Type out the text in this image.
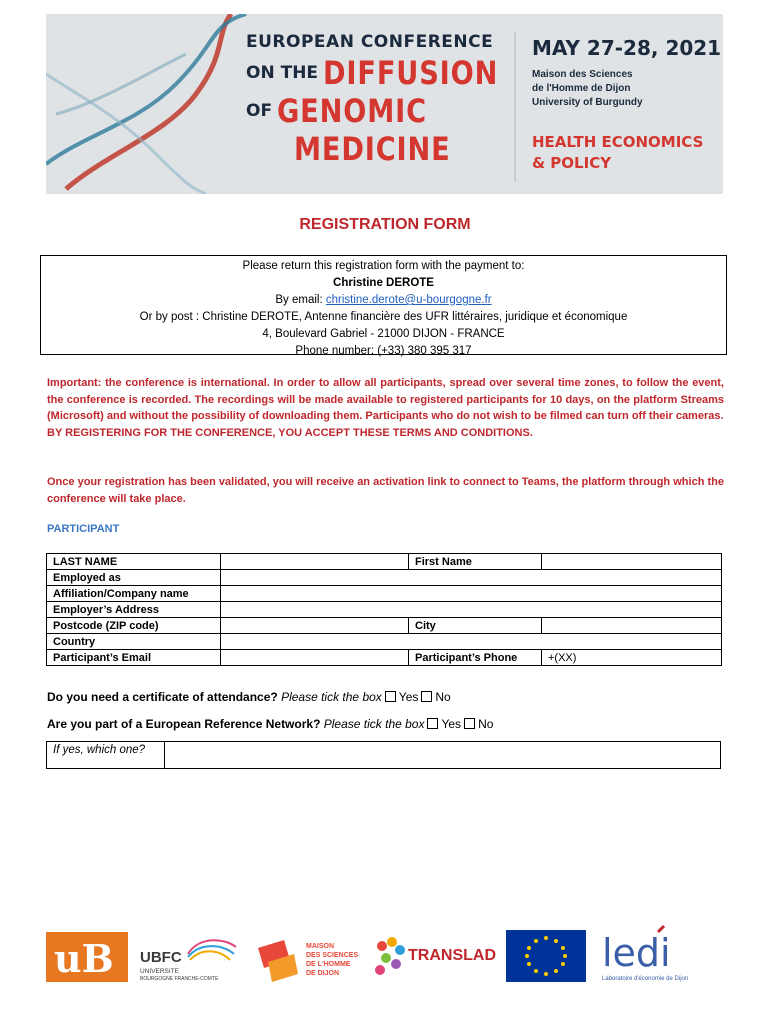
EUROPEAN CONFERENCE
ON THE DIFFUSION
OF GENOMIC
MEDICINE
MAY 27-28, 2021
Maison des Sciences
de l'Homme de Dijon
University of Burgundy
HEALTH ECONOMICS
& POLICY
REGISTRATION FORM
Please return this registration form with the payment to:
Christine DEROTE
By email: christine.derote@u-bourgogne.fr
Or by post : Christine DEROTE, Antenne financière des UFR littéraires, juridique et économique
4, Boulevard Gabriel - 21000 DIJON - FRANCE
Phone number: (+33) 380 395 317
Important: the conference is international. In order to allow all participants, spread over several time zones, to follow the event, the conference is recorded. The recordings will be made available to registered participants for 10 days, on the platform Streams (Microsoft) and without the possibility of downloading them. Participants who do not wish to be filmed can turn off their cameras.
BY REGISTERING FOR THE CONFERENCE, YOU ACCEPT THESE TERMS AND CONDITIONS.
Once your registration has been validated, you will receive an activation link to connect to Teams, the platform through which the conference will take place.
PARTICIPANT
LAST NAME		First Name	
Employed as			
Affiliation/Company name			
Employer’s Address			
Postcode (ZIP code)		City	
Country			
Participant’s Email		Participant’s Phone	+(XX)
Do you need a certificate of attendance? Please tick the box Yes No
Are you part of a European Reference Network? Please tick the box Yes No
If yes, which one?
uB UBFC
UNIVERSITE
BOURGOGNE FRANCHE-COMTE
MAISON
DES SCIENCES
DE L'HOMME
DE DIJON
TRANSLAD	ledi
Laboratoire d'économie de Dijon
